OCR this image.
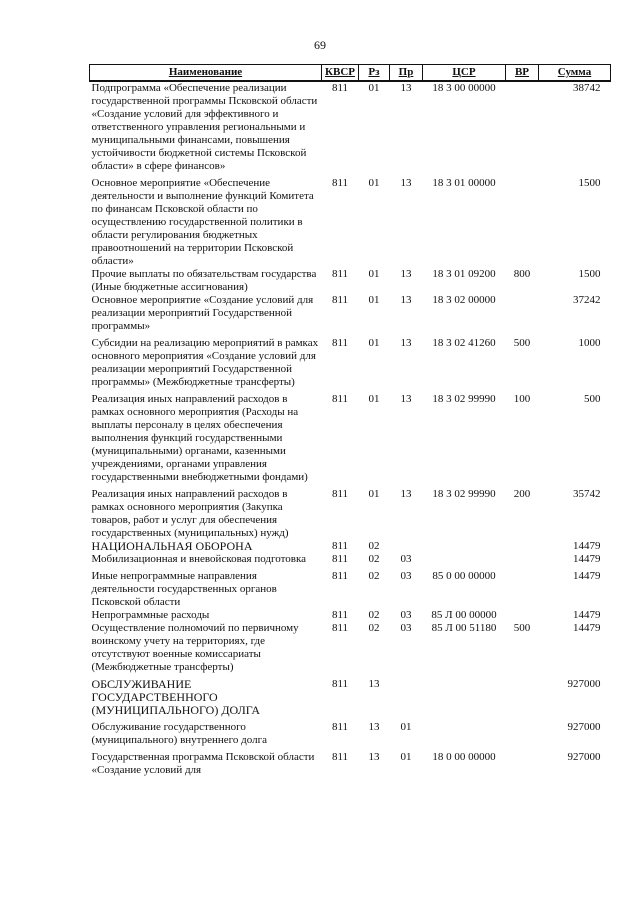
69
Наименование	КВСР	Рз	Пр	ЦСР	ВР	Сумма
Подпрограмма «Обеспечение реализации государственной программы Псковской области «Создание условий для эффективного и ответственного управления региональными и муниципальными финансами, повышения устойчивости бюджетной системы Псковской области» в сфере финансов»	811	01	13	18 3 00 00000		38742
Основное мероприятие «Обеспечение деятельности и выполнение функций Комитета по финансам Псковской области по осуществлению государственной политики в области регулирования бюджетных правоотношений на территории Псковской области»	811	01	13	18 3 01 00000		1500
Прочие выплаты по обязательствам государства (Иные бюджетные ассигнования)	811	01	13	18 3 01 09200	800	1500
Основное мероприятие «Создание условий для реализации мероприятий Государственной программы»	811	01	13	18 3 02 00000		37242
Субсидии на реализацию мероприятий в рамках основного мероприятия «Создание условий для реализации мероприятий Государственной программы» (Межбюджетные трансферты)	811	01	13	18 3 02 41260	500	1000
Реализация иных направлений расходов в рамках основного мероприятия (Расходы на выплаты персоналу в целях обеспечения выполнения функций государственными (муниципальными) органами, казенными учреждениями, органами управления государственными внебюджетными фондами)	811	01	13	18 3 02 99990	100	500
Реализация иных направлений расходов в рамках основного мероприятия (Закупка товаров, работ и услуг для обеспечения государственных (муниципальных) нужд)	811	01	13	18 3 02 99990	200	35742
НАЦИОНАЛЬНАЯ ОБОРОНА	811	02				14479
Мобилизационная и вневойсковая подготовка	811	02	03			14479
Иные непрограммные направления деятельности государственных органов Псковской области	811	02	03	85 0 00 00000		14479
Непрограммные расходы	811	02	03	85 Л 00 00000		14479
Осуществление полномочий по первичному воинскому учету на территориях, где отсутствуют военные комиссариаты (Межбюджетные трансферты)	811	02	03	85 Л 00 51180	500	14479
ОБСЛУЖИВАНИЕ ГОСУДАРСТВЕННОГО (МУНИЦИПАЛЬНОГО) ДОЛГА	811	13				927000
Обслуживание государственного (муниципального) внутреннего долга	811	13	01			927000
Государственная программа Псковской области «Создание условий для	811	13	01	18 0 00 00000		927000
